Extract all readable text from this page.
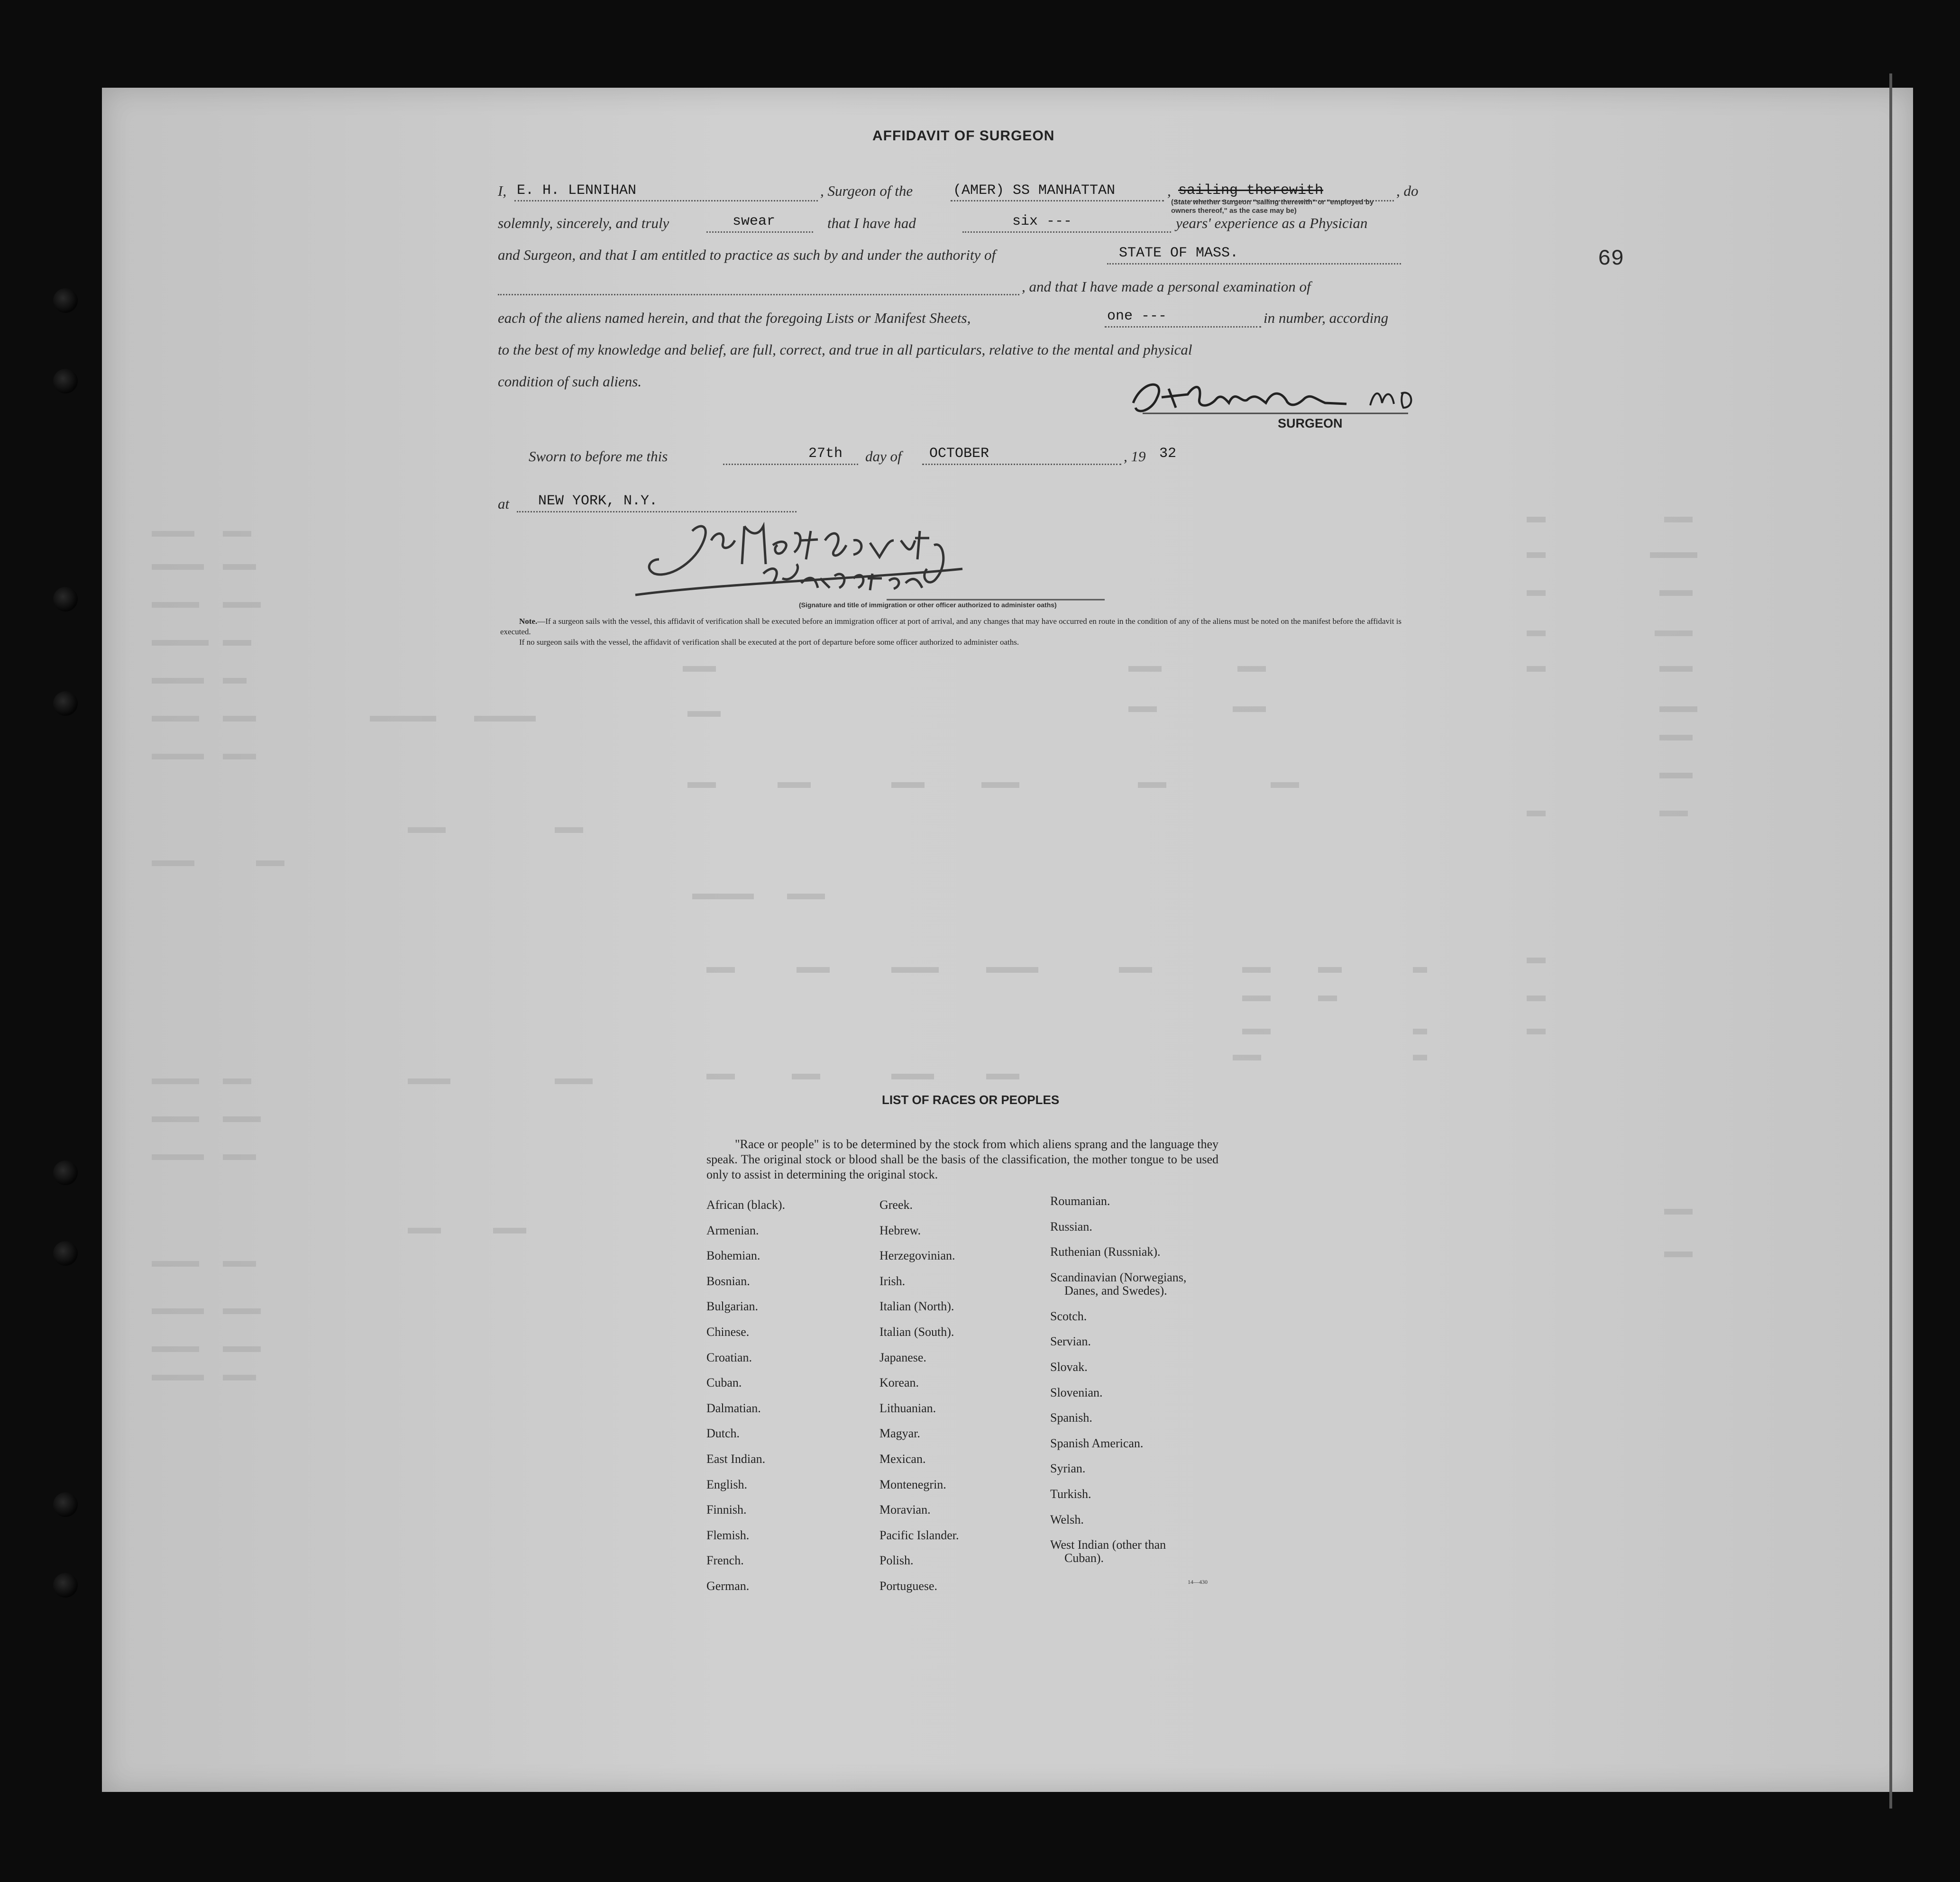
69
AFFIDAVIT OF SURGEON
I, E. H. LENNIHAN	, Surgeon of the	(AMER) SS MANHATTAN	, sailing therewith
(State whether Surgeon "sailing therewith" or "employed by
owners thereof," as the case may be)
, do
solemnly, sincerely, and truly	swear	that I have had	six ---	years' experience as a Physician
and Surgeon, and that I am entitled to practice as such by and under the authority of	STATE OF MASS.
, and that I have made a personal examination of
each of the aliens named herein, and that the foregoing Lists or Manifest Sheets,	one ---	in number, according
to the best of my knowledge and belief, are full, correct, and true in all particulars, relative to the mental and physical
condition of such aliens.
SURGEON
Sworn to before me this	27th day of OCTOBER	, 19 32
at NEW YORK, N.Y.
(Signature and title of immigration or other officer authorized to administer oaths)
Note.—If a surgeon sails with the vessel, this affidavit of verification shall be executed before an immigration officer at port of arrival, and any changes that may have occurred en route in the condition of any of the aliens must be noted on the manifest before the affidavit is executed.
If no surgeon sails with the vessel, the affidavit of verification shall be executed at the port of departure before some officer authorized to administer oaths.
LIST OF RACES OR PEOPLES
"Race or people" is to be determined by the stock from which aliens sprang and the language they speak. The original stock or blood shall be the basis of the classification, the mother tongue to be used only to assist in determining the original stock.
African (black).
Armenian.
Bohemian.
Bosnian.
Bulgarian.
Chinese.
Croatian.
Cuban.
Dalmatian.
Dutch.
East Indian.
English.
Finnish.
Flemish.
French.
German.
Greek.
Hebrew.
Herzegovinian.
Irish.
Italian (North).
Italian (South).
Japanese.
Korean.
Lithuanian.
Magyar.
Mexican.
Montenegrin.
Moravian.
Pacific Islander.
Polish.
Portuguese.
Roumanian.
Russian.
Ruthenian (Russniak).
Scandinavian (Norwegians,
Danes, and Swedes).
Scotch.
Servian.
Slovak.
Slovenian.
Spanish.
Spanish American.
Syrian.
Turkish.
Welsh.
West Indian (other than
Cuban).
14—430
